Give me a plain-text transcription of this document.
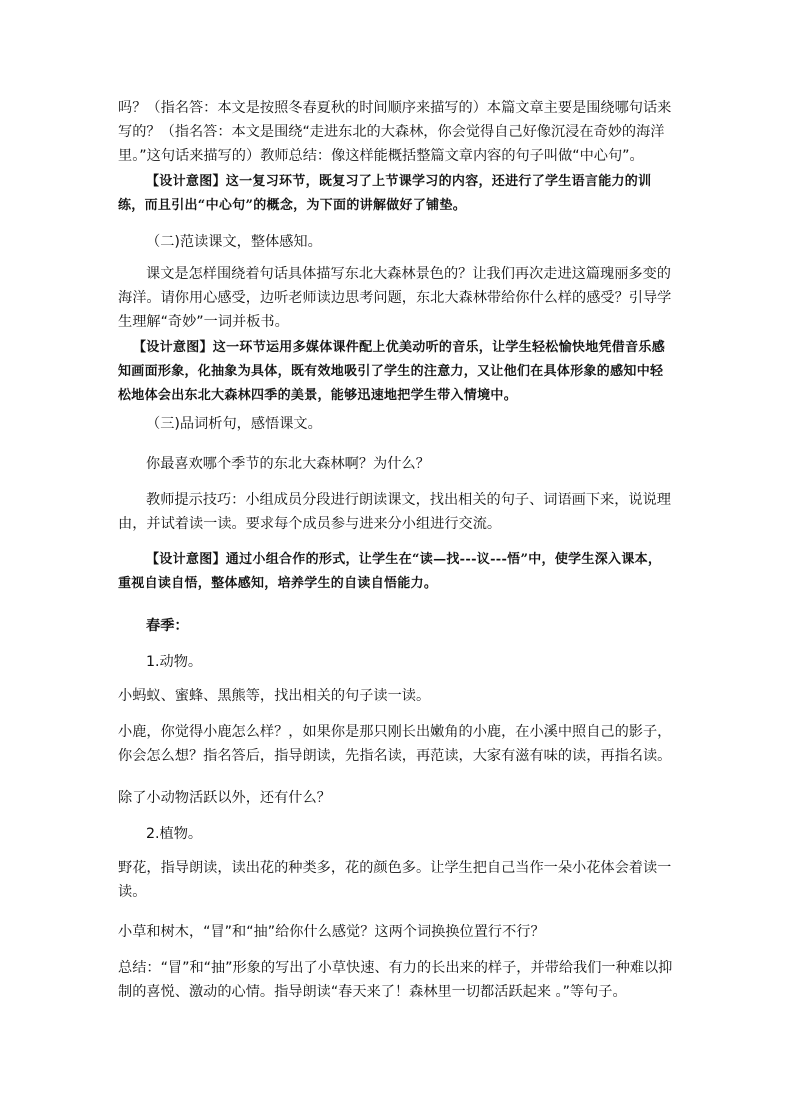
吗？（指名答：本文是按照冬春夏秋的时间顺序来描写的）本篇文章主要是围绕哪句话来写的？（指名答：本文是围绕“走进东北的大森林，你会觉得自己好像沉浸在奇妙的海洋里。”这句话来描写的）教师总结：像这样能概括整篇文章内容的句子叫做“中心句”。

【设计意图】这一复习环节，既复习了上节课学习的内容，还进行了学生语言能力的训练，而且引出“中心句”的概念，为下面的讲解做好了铺垫。

（二)范读课文，整体感知。

课文是怎样围绕着句话具体描写东北大森林景色的？让我们再次走进这篇瑰丽多变的海洋。请你用心感受，边听老师读边思考问题，东北大森林带给你什么样的感受？引导学生理解“奇妙”一词并板书。

【设计意图】这一环节运用多媒体课件配上优美动听的音乐，让学生轻松愉快地凭借音乐感知画面形象，化抽象为具体，既有效地吸引了学生的注意力，又让他们在具体形象的感知中轻松地体会出东北大森林四季的美景，能够迅速地把学生带入情境中。

（三)品词析句，感悟课文。

你最喜欢哪个季节的东北大森林啊？为什么？

教师提示技巧：小组成员分段进行朗读课文，找出相关的句子、词语画下来，说说理由，并试着读一读。要求每个成员参与进来分小组进行交流。

【设计意图】通过小组合作的形式，让学生在“读—找---议---悟”中，使学生深入课本，重视自读自悟，整体感知，培养学生的自读自悟能力。

春季：

1.动物。

小蚂蚁、蜜蜂、黑熊等，找出相关的句子读一读。

小鹿，你觉得小鹿怎么样？，如果你是那只刚长出嫩角的小鹿，在小溪中照自己的影子，你会怎么想？指名答后，指导朗读，先指名读，再范读，大家有滋有味的读，再指名读。

除了小动物活跃以外，还有什么？

2.植物。

野花，指导朗读，读出花的种类多，花的颜色多。让学生把自己当作一朵小花体会着读一读。

小草和树木，“冒”和“抽”给你什么感觉？这两个词换换位置行不行？

总结：“冒”和“抽”形象的写出了小草快速、有力的长出来的样子，并带给我们一种难以抑制的喜悦、激动的心情。指导朗读“春天来了！森林里一切都活跃起来 。”等句子。
